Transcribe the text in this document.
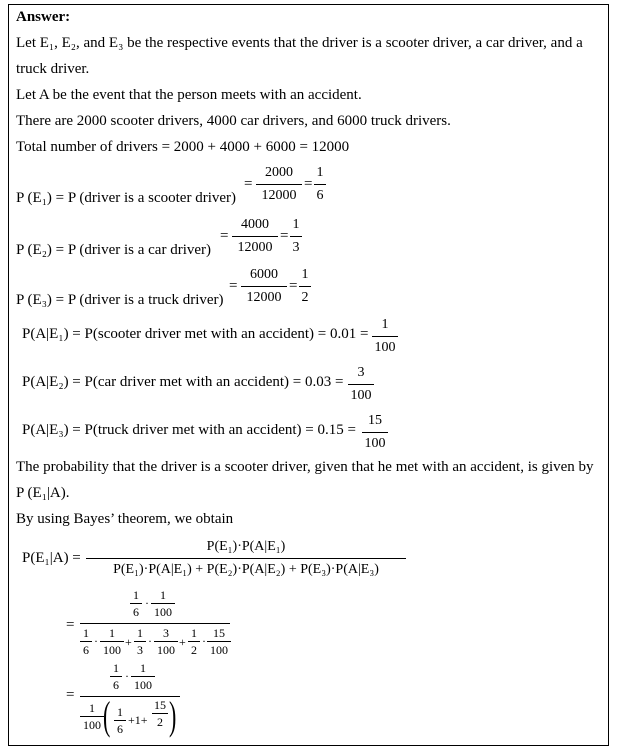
Answer:
Let E₁, E₂, and E₃ be the respective events that the driver is a scooter driver, a car driver, and a
truck driver.
Let A be the event that the person meets with an accident.
There are 2000 scooter drivers, 4000 car drivers, and 6000 truck drivers.
Total number of drivers = 2000 + 4000 + 6000 = 12000
P (E₁) = P (driver is a scooter driver)
= $\frac{2000}{12000} = \frac{1}{6}$
P (E₂) = P (driver is a car driver)
= $\frac{4000}{12000} = \frac{1}{3}$
P (E₃) = P (driver is a truck driver)
= $\frac{6000}{12000} = \frac{1}{2}$
P(A|E₁) = P(scooter driver met with an accident) = $0.01 = \frac{1}{100}$
P(A|E₂) = P(car driver met with an accident) = $0.03 = \frac{3}{100}$
P(A|E₃) = P(truck driver met with an accident) = $0.15 = \frac{15}{100}$
The probability that the driver is a scooter driver, given that he met with an accident, is given by
P (E₁|A).
By using Bayes’ theorem, we obtain
$P(E_1|A) = \frac{\text{P(E₁)·P(A|E₁)}}{\text{P(E₁)·P(A|E₁) + P(E₂)·P(A|E₂) + P(E₃)·P(A|E₃)}}$
=
$\frac{1}{6} \cdot \frac{1}{100}$
$\frac{1}{6} \cdot \frac{1}{100} + \frac{1}{3} \cdot \frac{3}{100} + \frac{1}{2} \cdot \frac{15}{100}$
=
$\frac{1}{6} \cdot \frac{1}{100}$
$\frac{1}{100}$
( $\frac{1}{6} +1+ \frac{15}{2}$ )
